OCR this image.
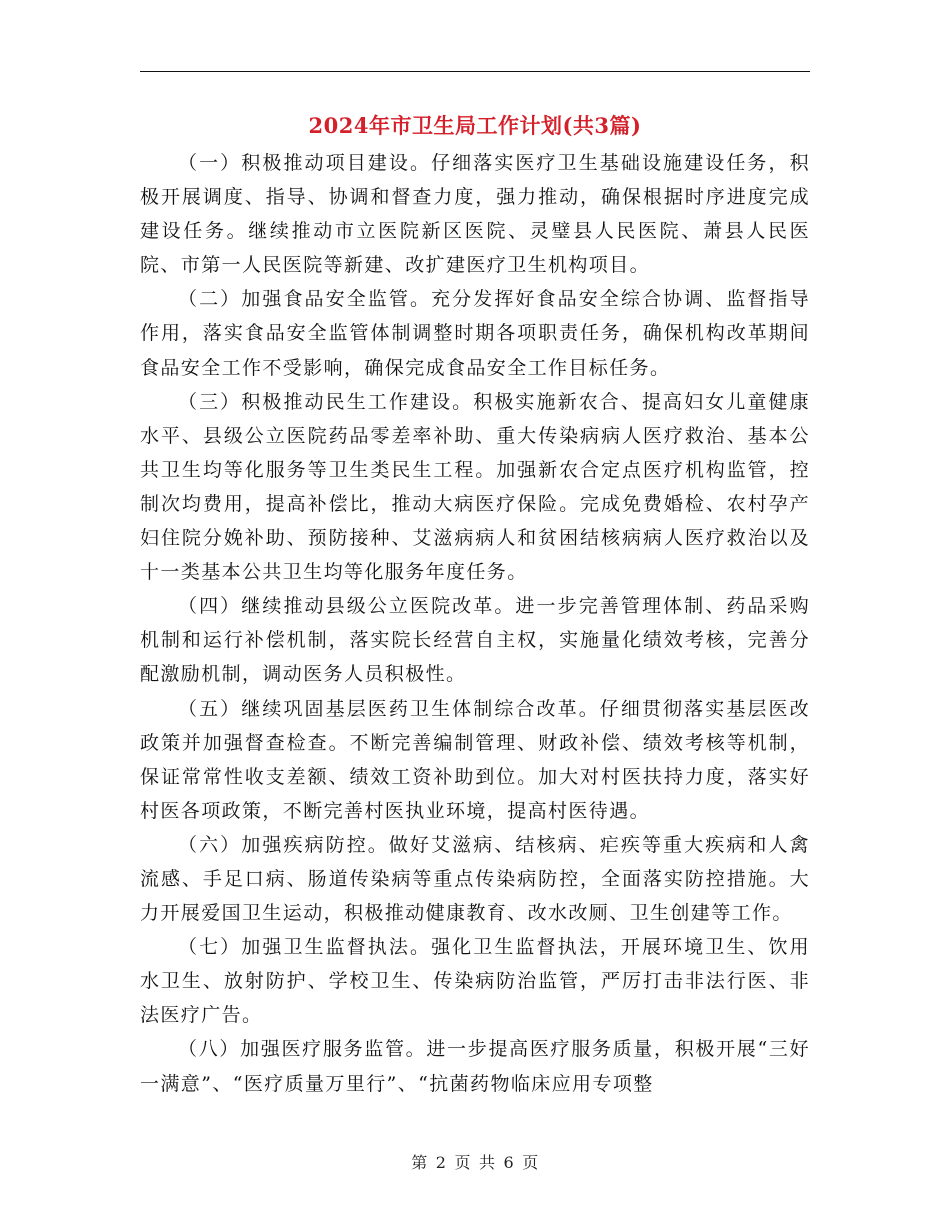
2024年市卫生局工作计划(共3篇)

（一）积极推动项目建设。仔细落实医疗卫生基础设施建设任务，积极开展调度、指导、协调和督查力度，强力推动，确保根据时序进度完成建设任务。继续推动市立医院新区医院、灵璧县人民医院、萧县人民医院、市第一人民医院等新建、改扩建医疗卫生机构项目。

（二）加强食品安全监管。充分发挥好食品安全综合协调、监督指导作用，落实食品安全监管体制调整时期各项职责任务，确保机构改革期间食品安全工作不受影响，确保完成食品安全工作目标任务。

（三）积极推动民生工作建设。积极实施新农合、提高妇女儿童健康水平、县级公立医院药品零差率补助、重大传染病病人医疗救治、基本公共卫生均等化服务等卫生类民生工程。加强新农合定点医疗机构监管，控制次均费用，提高补偿比，推动大病医疗保险。完成免费婚检、农村孕产妇住院分娩补助、预防接种、艾滋病病人和贫困结核病病人医疗救治以及十一类基本公共卫生均等化服务年度任务。

（四）继续推动县级公立医院改革。进一步完善管理体制、药品采购机制和运行补偿机制，落实院长经营自主权，实施量化绩效考核，完善分配激励机制，调动医务人员积极性。

（五）继续巩固基层医药卫生体制综合改革。仔细贯彻落实基层医改政策并加强督查检查。不断完善编制管理、财政补偿、绩效考核等机制，保证常常性收支差额、绩效工资补助到位。加大对村医扶持力度，落实好村医各项政策，不断完善村医执业环境，提高村医待遇。

（六）加强疾病防控。做好艾滋病、结核病、疟疾等重大疾病和人禽流感、手足口病、肠道传染病等重点传染病防控，全面落实防控措施。大力开展爱国卫生运动，积极推动健康教育、改水改厕、卫生创建等工作。

（七）加强卫生监督执法。强化卫生监督执法，开展环境卫生、饮用水卫生、放射防护、学校卫生、传染病防治监管，严厉打击非法行医、非法医疗广告。

（八）加强医疗服务监管。进一步提高医疗服务质量，积极开展“三好一满意”、“医疗质量万里行”、“抗菌药物临床应用专项整

第 2 页 共 6 页
